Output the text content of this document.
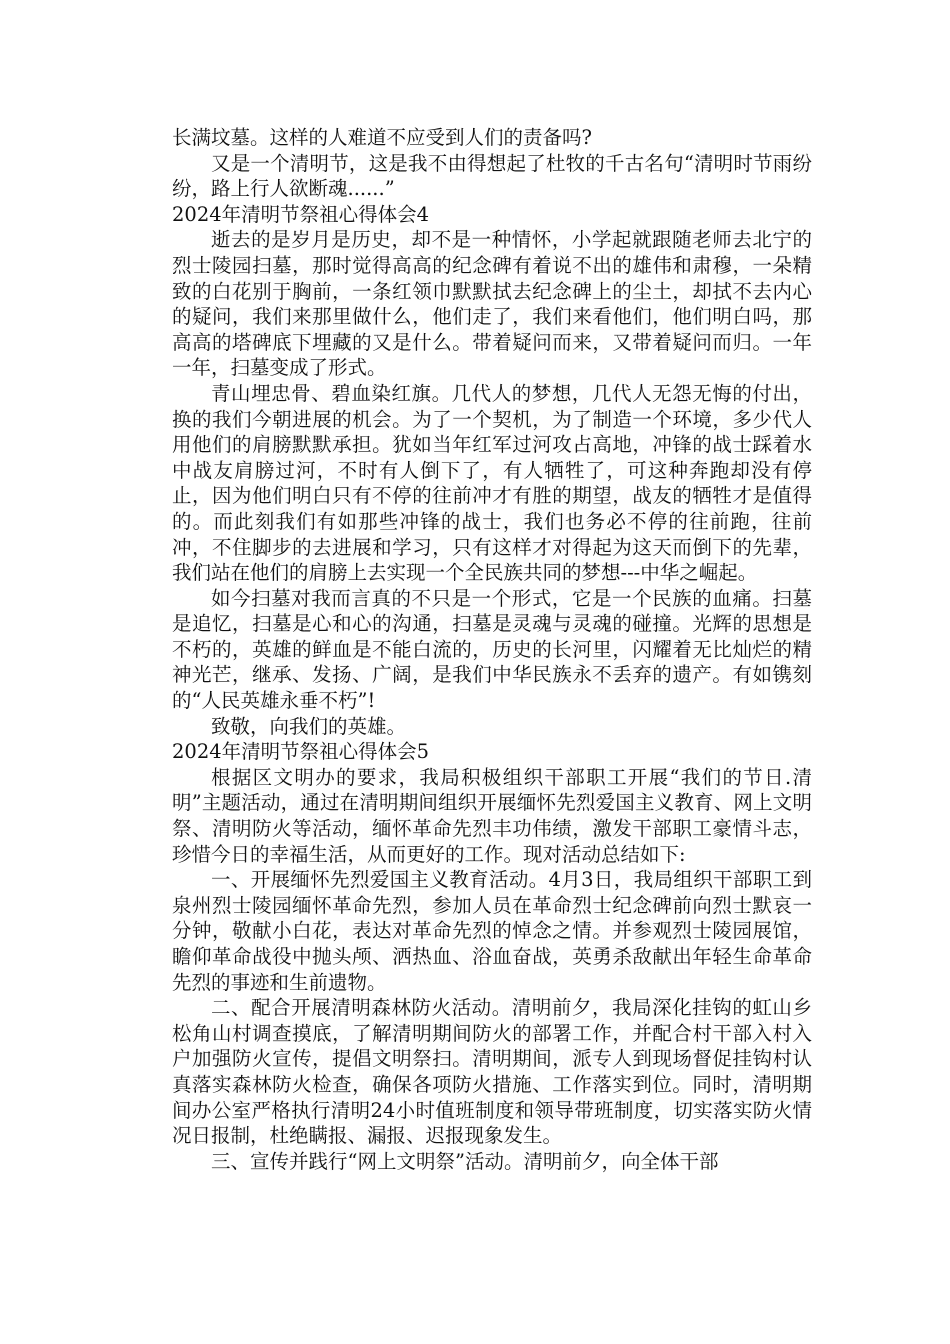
长满坟墓。这样的人难道不应受到人们的责备吗?

又是一个清明节，这是我不由得想起了杜牧的千古名句“清明时节雨纷纷，路上行人欲断魂......”

2024年清明节祭祖心得体会4

逝去的是岁月是历史，却不是一种情怀，小学起就跟随老师去北宁的烈士陵园扫墓，那时觉得高高的纪念碑有着说不出的雄伟和肃穆，一朵精致的白花别于胸前，一条红领巾默默拭去纪念碑上的尘土，却拭不去内心的疑问，我们来那里做什么，他们走了，我们来看他们，他们明白吗，那高高的塔碑底下埋藏的又是什么。带着疑问而来，又带着疑问而归。一年一年，扫墓变成了形式。

青山埋忠骨、碧血染红旗。几代人的梦想，几代人无怨无悔的付出，换的我们今朝进展的机会。为了一个契机，为了制造一个环境，多少代人用他们的肩膀默默承担。犹如当年红军过河攻占高地，冲锋的战士踩着水中战友肩膀过河，不时有人倒下了，有人牺牲了，可这种奔跑却没有停止，因为他们明白只有不停的往前冲才有胜的期望，战友的牺牲才是值得的。而此刻我们有如那些冲锋的战士，我们也务必不停的往前跑，往前冲，不住脚步的去进展和学习，只有这样才对得起为这天而倒下的先辈，我们站在他们的肩膀上去实现一个全民族共同的梦想---中华之崛起。

如今扫墓对我而言真的不只是一个形式，它是一个民族的血痛。扫墓是追忆，扫墓是心和心的沟通，扫墓是灵魂与灵魂的碰撞。光辉的思想是不朽的，英雄的鲜血是不能白流的，历史的长河里，闪耀着无比灿烂的精神光芒，继承、发扬、广阔，是我们中华民族永不丢弃的遗产。有如镌刻的“人民英雄永垂不朽”!

致敬，向我们的英雄。

2024年清明节祭祖心得体会5

根据区文明办的要求，我局积极组织干部职工开展“我们的节日.清明”主题活动，通过在清明期间组织开展缅怀先烈爱国主义教育、网上文明祭、清明防火等活动，缅怀革命先烈丰功伟绩，激发干部职工豪情斗志，珍惜今日的幸福生活，从而更好的工作。现对活动总结如下:

一、开展缅怀先烈爱国主义教育活动。4月3日，我局组织干部职工到泉州烈士陵园缅怀革命先烈，参加人员在革命烈士纪念碑前向烈士默哀一分钟，敬献小白花，表达对革命先烈的悼念之情。并参观烈士陵园展馆，瞻仰革命战役中抛头颅、洒热血、浴血奋战，英勇杀敌献出年轻生命革命先烈的事迹和生前遗物。

二、配合开展清明森林防火活动。清明前夕，我局深化挂钩的虹山乡松角山村调查摸底，了解清明期间防火的部署工作，并配合村干部入村入户加强防火宣传，提倡文明祭扫。清明期间，派专人到现场督促挂钩村认真落实森林防火检查，确保各项防火措施、工作落实到位。同时，清明期间办公室严格执行清明24小时值班制度和领导带班制度，切实落实防火情况日报制，杜绝瞒报、漏报、迟报现象发生。

三、宣传并践行“网上文明祭”活动。清明前夕，向全体干部
